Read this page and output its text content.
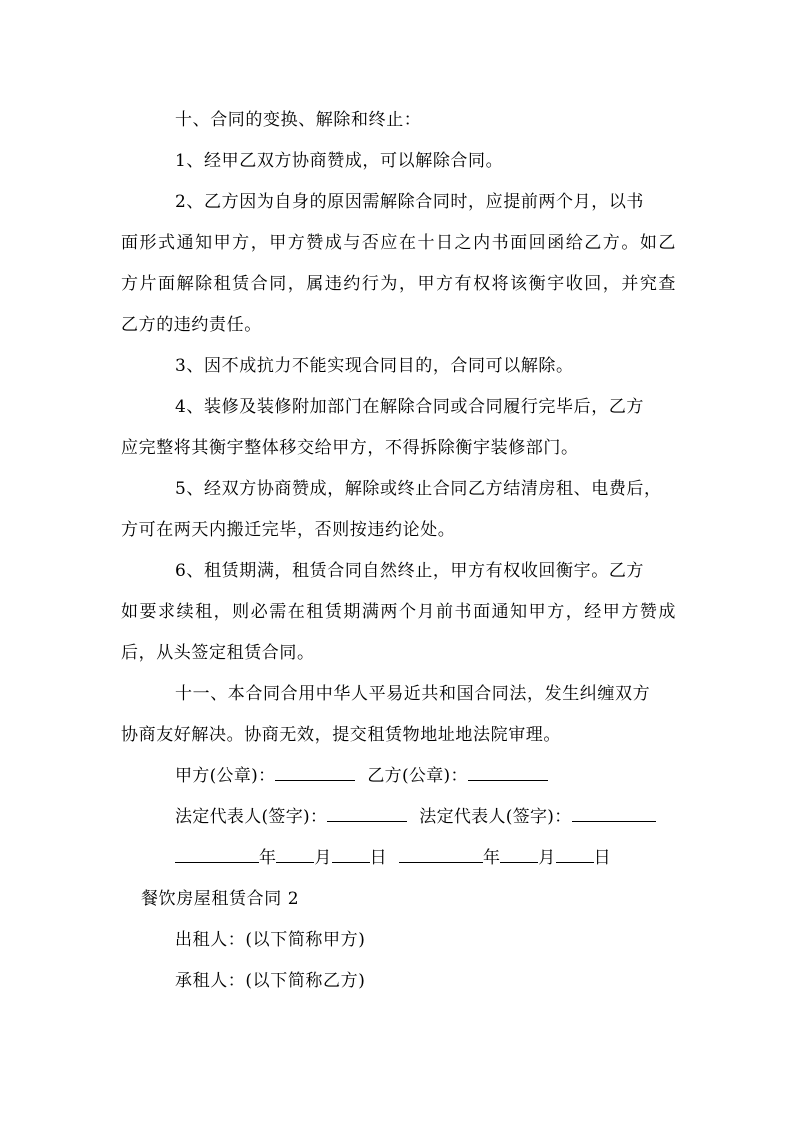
十、合同的变换、解除和终止：
1、经甲乙双方协商赞成，可以解除合同。
2、乙方因为自身的原因需解除合同时，应提前两个月，以书
面形式通知甲方，甲方赞成与否应在十日之内书面回函给乙方。如乙
方片面解除租赁合同，属违约行为，甲方有权将该衡宇收回，并究查
乙方的违约责任。
3、因不成抗力不能实现合同目的，合同可以解除。
4、装修及装修附加部门在解除合同或合同履行完毕后，乙方
应完整将其衡宇整体移交给甲方，不得拆除衡宇装修部门。
5、经双方协商赞成，解除或终止合同乙方结清房租、电费后，
方可在两天内搬迁完毕，否则按违约论处。
6、租赁期满，租赁合同自然终止，甲方有权收回衡宇。乙方
如要求续租，则必需在租赁期满两个月前书面通知甲方，经甲方赞成
后，从头签定租赁合同。
十一、本合同合用中华人平易近共和国合同法，发生纠缠双方
协商友好解决。协商无效，提交租赁物地址地法院审理。
甲方(公章)：	乙方(公章)：
法定代表人(签字)：	法定代表人(签字)：
年 月 日	年 月 日
餐饮房屋租赁合同 2
出租人：(以下简称甲方)
承租人：(以下简称乙方)
